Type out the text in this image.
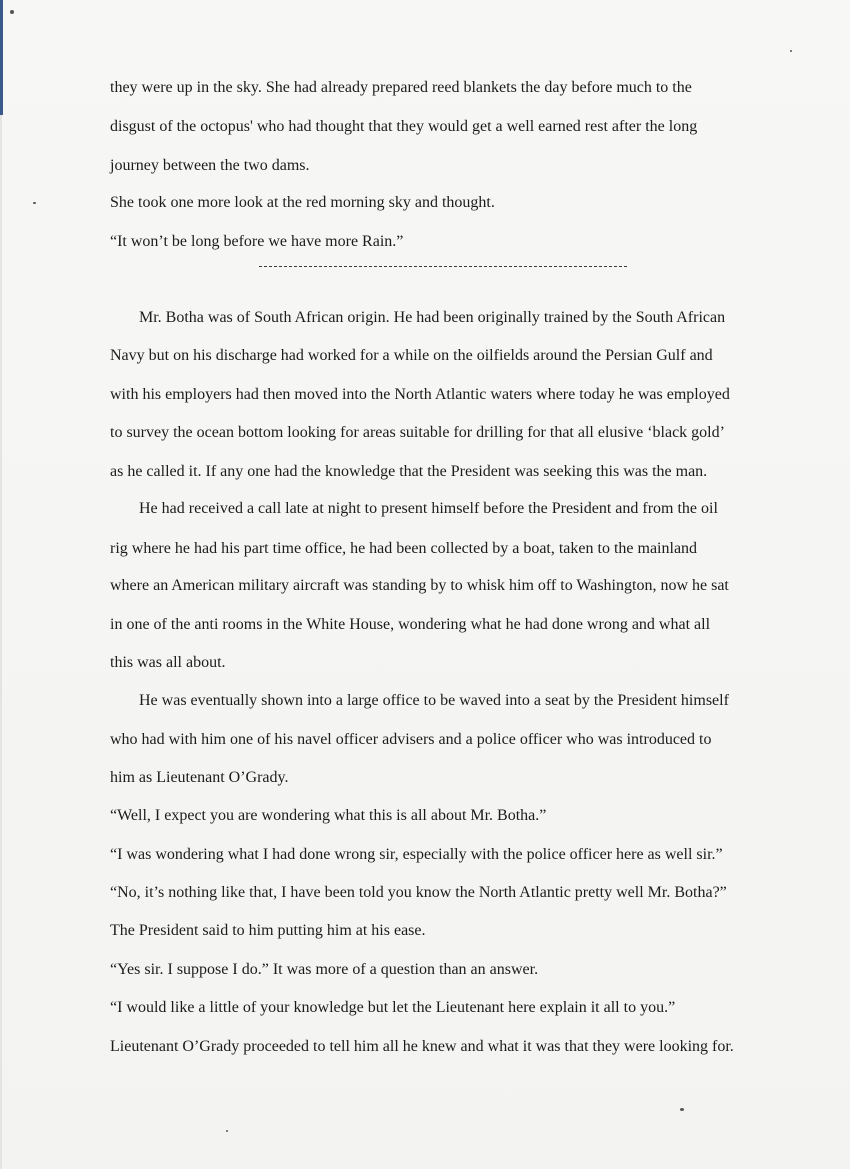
they were up in the sky. She had already prepared reed blankets the day before much to the

disgust of the octopus' who had thought that they would get a well earned rest after the long

journey between the two dams.

She took one more look at the red morning sky and thought.

“It won’t be long before we have more Rain.”

Mr. Botha was of South African origin. He had been originally trained by the South African

Navy but on his discharge had worked for a while on the oilfields around the Persian Gulf and

with his employers had then moved into the North Atlantic waters where today he was employed

to survey the ocean bottom looking for areas suitable for drilling for that all elusive ‘black gold’

as he called it. If any one had the knowledge that the President was seeking this was the man.

He had received a call late at night to present himself before the President and from the oil

rig where he had his part time office, he had been collected by a boat, taken to the mainland

where an American military aircraft was standing by to whisk him off to Washington, now he sat

in one of the anti rooms in the White House, wondering what he had done wrong and what all

this was all about.

He was eventually shown into a large office to be waved into a seat by the President himself

who had with him one of his navel officer advisers and a police officer who was introduced to

him as Lieutenant O’Grady.

“Well, I expect you are wondering what this is all about Mr. Botha.”

“I was wondering what I had done wrong sir, especially with the police officer here as well sir.”

“No, it’s nothing like that, I have been told you know the North Atlantic pretty well Mr. Botha?”

The President said to him putting him at his ease.

“Yes sir. I suppose I do.” It was more of a question than an answer.

“I would like a little of your knowledge but let the Lieutenant here explain it all to you.”

Lieutenant O’Grady proceeded to tell him all he knew and what it was that they were looking for.
